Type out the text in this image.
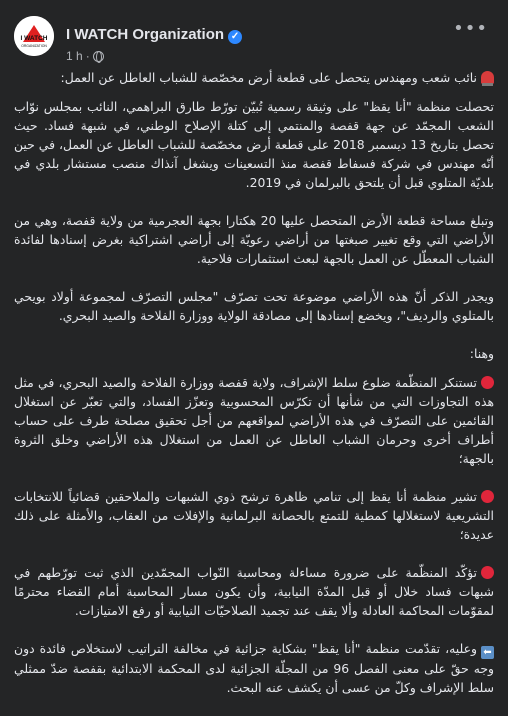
I WATCH
ORGANIZATION
I WATCH Organization ✓
1 h ·
•••

نائب شعب ومهندس يتحصل على قطعة أرض مخصّصة للشباب العاطل عن العمل:

تحصلت منظمة "أنا يقظ" على وثيقة رسمية تُبيّن تورّط طارق البراهمي، النائب بمجلس نوّاب الشعب المجمّد عن جهة قفصة والمنتمي إلى كتلة الإصلاح الوطني، في شبهة فساد. حيث تحصل بتاريخ 13 ديسمبر 2018 على قطعة أرض مخصّصة للشباب العاطل عن العمل، في حين أنّه مهندس في شركة فسفاط قفصة منذ التسعينات ويشغل آنذاك منصب مستشار بلدي في بلديّة المتلوي قبل أن يلتحق بالبرلمان في 2019.

وتبلغ مساحة قطعة الأرض المتحصل عليها 20 هكتارا بجهة العجرمية من ولاية قفصة، وهي من الأراضي التي وقع تغيير صبغتها من أراضي رعويّة إلى أراضي اشتراكية بغرض إسنادها لفائدة الشباب المعطّل عن العمل بالجهة لبعث استثمارات فلاحية.

ويجدر الذكر أنّ هذه الأراضي موضوعة تحت تصرّف "مجلس التصرّف لمجموعة أولاد بويحي بالمتلوي والرديف"، ويخضع إسنادها إلى مصادقة الولاية ووزارة الفلاحة والصيد البحري.

وهنا:

تستنكر المنظّمة ضلوع سلط الإشراف، ولاية قفصة ووزارة الفلاحة والصيد البحري، في مثل هذه التجاوزات التي من شأنها أن تكرّس المحسوبية وتعزّز الفساد، والتي تعبّر عن استغلال القائمين على التصرّف في هذه الأراضي لمواقعهم من أجل تحقيق مصلحة طرف على حساب أطراف أخرى وحرمان الشباب العاطل عن العمل من استغلال هذه الأراضي وخلق الثروة بالجهة؛

تشير منظمة أنا يقظ إلى تنامي ظاهرة ترشح ذوي الشبهات والملاحقين قضائياً للانتخابات التشريعية لاستغلالها كمطية للتمتع بالحصانة البرلمانية والإفلات من العقاب، والأمثلة على ذلك عديدة؛

تؤكّد المنظّمة على ضرورة مساءلة ومحاسبة النّواب المجمّدين الذي ثبت تورّطهم في شبهات فساد خلال أو قبل المدّة النيابية، وأن يكون مسار المحاسبة أمام القضاء محترمًا لمقوّمات المحاكمة العادلة وألا يقف عند تجميد الصلاحيّات النيابية أو رفع الامتيازات.

⬅وعليه، تقدّمت منظمة "أنا يقظ" بشكاية جزائية في مخالفة التراتيب لاستخلاص فائدة دون وجه حقّ على معنى الفصل 96 من المجلّة الجزائية لدى المحكمة الابتدائية بقفصة ضدّ ممثلي سلط الإشراف وكلّ من عسى أن يكشف عنه البحث.
